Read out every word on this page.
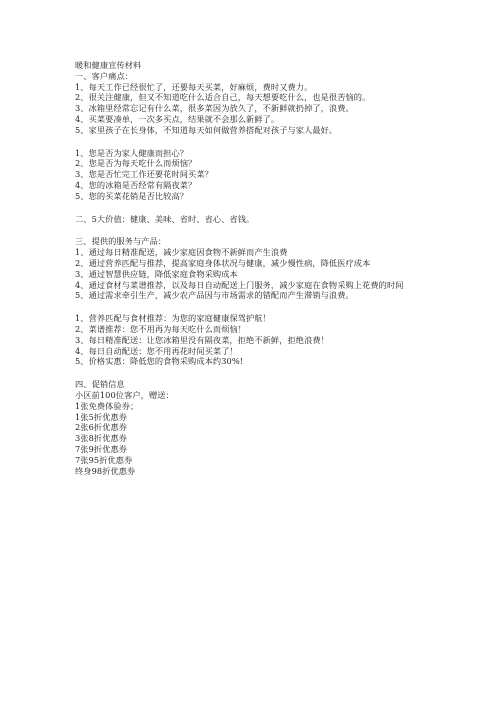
暖和健康宣传材料
一、客户痛点：
1、每天工作已经很忙了，还要每天买菜，好麻烦，费时又费力。
2、很关注健康，但又不知道吃什么适合自己，每天想要吃什么，也是很苦恼的。
3、冰箱里经常忘记有什么菜，很多菜因为放久了，不新鲜就扔掉了，浪费。
4、买菜要凑单，一次多买点，结果就不会那么新鲜了。
5、家里孩子在长身体，不知道每天如何做营养搭配对孩子与家人最好。
1、您是否为家人健康而担心？
2、您是否为每天吃什么而烦恼？
3、您是否忙完工作还要花时间买菜？
4、您的冰箱是否经常有隔夜菜？
5、您的买菜花销是否比较高？
二、5大价值：健康、美味、省时、省心、省钱。
三、提供的服务与产品：
1、通过每日精准配送，减少家庭因食物不新鲜而产生浪费
2、通过营养匹配与推荐，提高家庭身体状况与健康，减少慢性病，降低医疗成本
3、通过智慧供应链，降低家庭食物采购成本
4、通过食材与菜谱推荐，以及每日自动配送上门服务，减少家庭在食物采购上花费的时间
5、通过需求牵引生产，减少农产品因与市场需求的错配而产生滞销与浪费。
1、营养匹配与食材推荐：为您的家庭健康保驾护航！
2、菜谱推荐：您不用再为每天吃什么而烦恼！
3、每日精准配送：让您冰箱里没有隔夜菜，拒绝不新鲜，拒绝浪费！
4、每日自动配送：您不用再花时间买菜了！
5、价格实惠：降低您的食物采购成本约30%!
四、促销信息
小区前100位客户，赠送：
1张免费体验券；
1张5折优惠券
2张6折优惠券
3张8折优惠券
7张9折优惠券
7张95折优惠券
终身98折优惠券
